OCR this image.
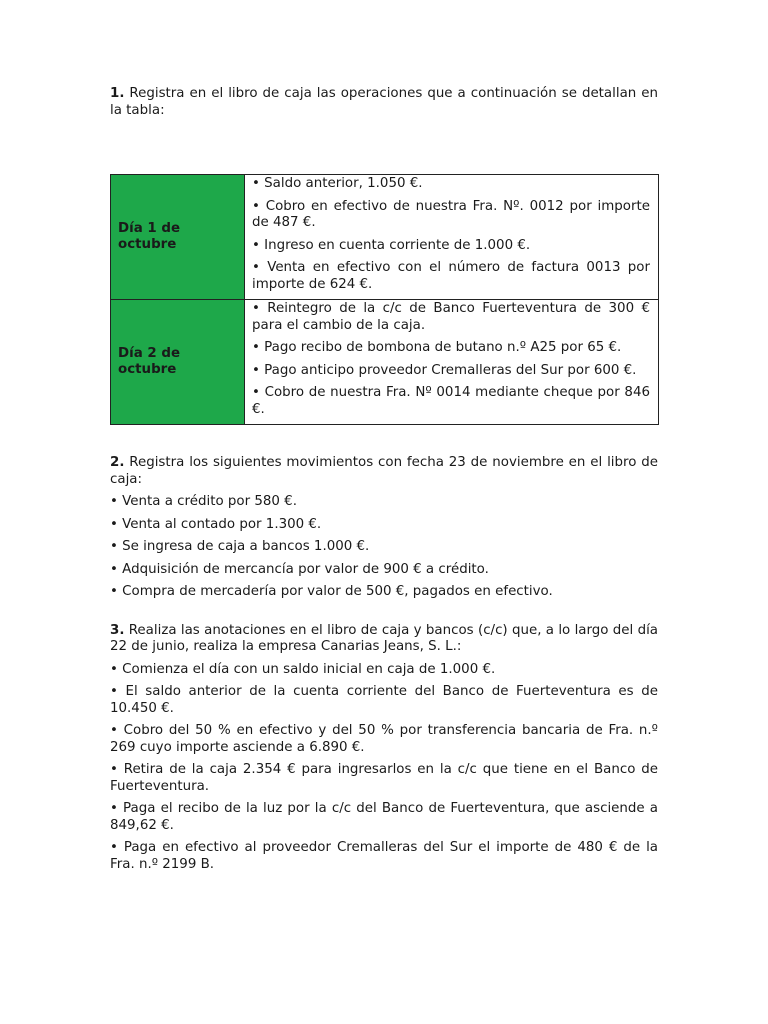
1. Registra en el libro de caja las operaciones que a continuación se detallan en la tabla:

Día 1 de octubre	• Saldo anterior, 1.050 €.

• Cobro en efectivo de nuestra Fra. Nº. 0012 por importe de 487 €.

• Ingreso en cuenta corriente de 1.000 €.

• Venta en efectivo con el número de factura 0013 por importe de 624 €.

Día 2 de octubre	• Reintegro de la c/c de Banco Fuerteventura de 300 € para el cambio de la caja.

• Pago recibo de bombona de butano n.º A25 por 65 €.

• Pago anticipo proveedor Cremalleras del Sur por 600 €.

• Cobro de nuestra Fra. Nº 0014 mediante cheque por 846 €.

2. Registra los siguientes movimientos con fecha 23 de noviembre en el libro de caja:

• Venta a crédito por 580 €.

• Venta al contado por 1.300 €.

• Se ingresa de caja a bancos 1.000 €.

• Adquisición de mercancía por valor de 900 € a crédito.

• Compra de mercadería por valor de 500 €, pagados en efectivo.

3. Realiza las anotaciones en el libro de caja y bancos (c/c) que, a lo largo del día 22 de junio, realiza la empresa Canarias Jeans, S. L.:

• Comienza el día con un saldo inicial en caja de 1.000 €.

• El saldo anterior de la cuenta corriente del Banco de Fuerteventura es de 10.450 €.

• Cobro del 50 % en efectivo y del 50 % por transferencia bancaria de Fra. n.º 269 cuyo importe asciende a 6.890 €.

• Retira de la caja 2.354 € para ingresarlos en la c/c que tiene en el Banco de Fuerteventura.

• Paga el recibo de la luz por la c/c del Banco de Fuerteventura, que asciende a 849,62 €.

• Paga en efectivo al proveedor Cremalleras del Sur el importe de 480 € de la Fra. n.º 2199 B.
